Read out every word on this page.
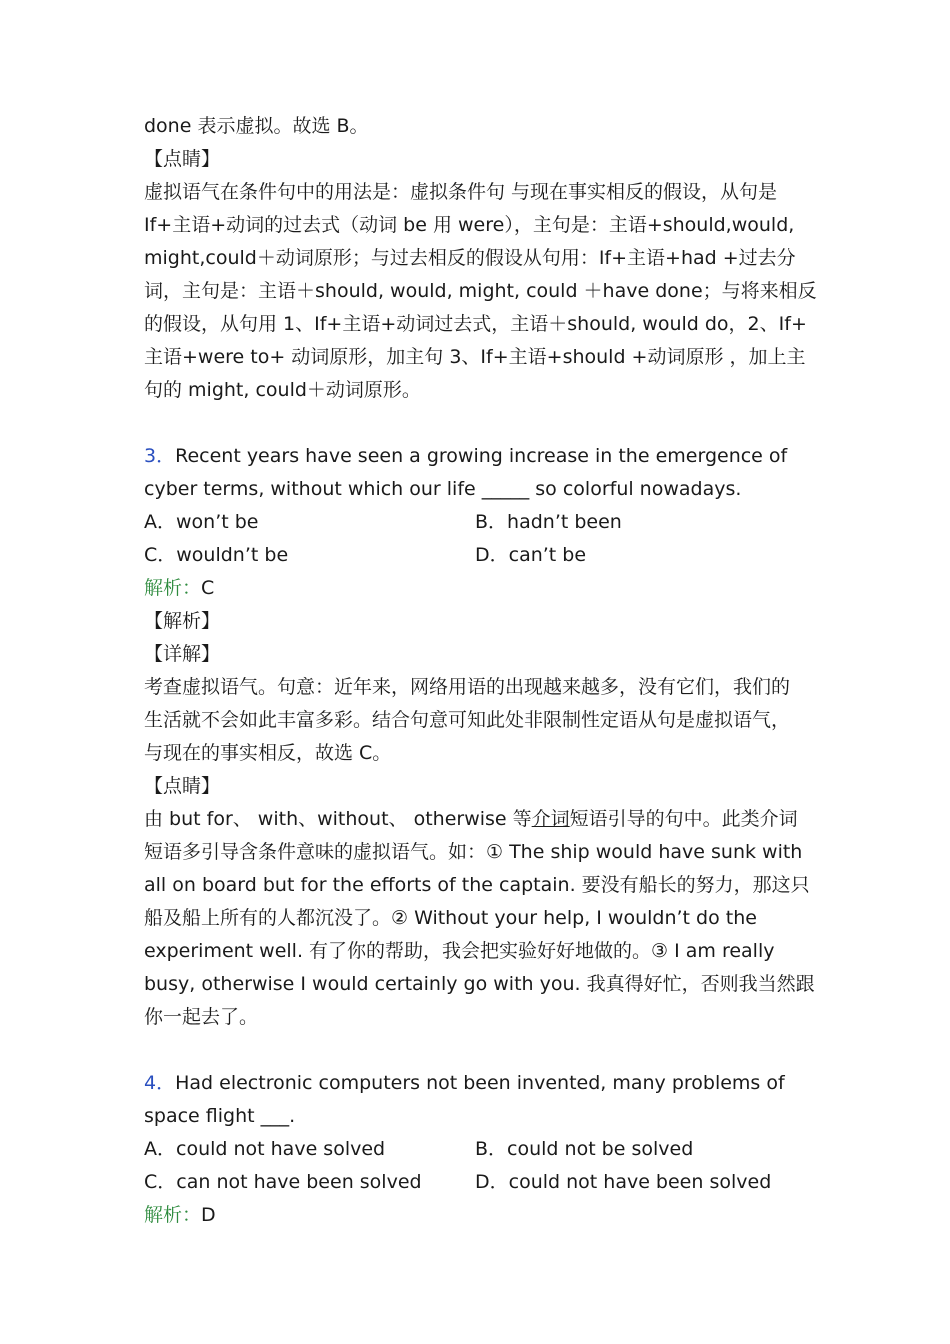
done 表示虚拟。故选 B。
【点睛】
虚拟语气在条件句中的用法是：虚拟条件句 与现在事实相反的假设，从句是
If+主语+动词的过去式（动词 be 用 were），主句是：主语+should,would,
might,could＋动词原形；与过去相反的假设从句用：If+主语+had +过去分
词，主句是：主语＋should, would, might, could ＋have done；与将来相反
的假设，从句用 1、If+主语+动词过去式，主语＋should, would do，2、If+
主语+were to+ 动词原形，加主句 3、If+主语+should +动词原形 ，加上主
句的 might, could＋动词原形。
3．Recent years have seen a growing increase in the emergence of
cyber terms, without which our life _____ so colorful nowadays.
A．won’t be	B．hadn’t been
C．wouldn’t be	D．can’t be
解析：C
【解析】
【详解】
考查虚拟语气。句意：近年来，网络用语的出现越来越多，没有它们，我们的
生活就不会如此丰富多彩。结合句意可知此处非限制性定语从句是虚拟语气，
与现在的事实相反，故选 C。
【点睛】
由 but for、 with、without、 otherwise 等介词短语引导的句中。此类介词
短语多引导含条件意味的虚拟语气。如：① The ship would have sunk with
all on board but for the efforts of the captain. 要没有船长的努力，那这只
船及船上所有的人都沉没了。② Without your help, I wouldn’t do the
experiment well. 有了你的帮助，我会把实验好好地做的。③ I am really
busy, otherwise I would certainly go with you. 我真得好忙，否则我当然跟
你一起去了。
4．Had electronic computers not been invented, many problems of
space flight ___.
A．could not have solved	B．could not be solved
C．can not have been solved	D．could not have been solved
解析：D
